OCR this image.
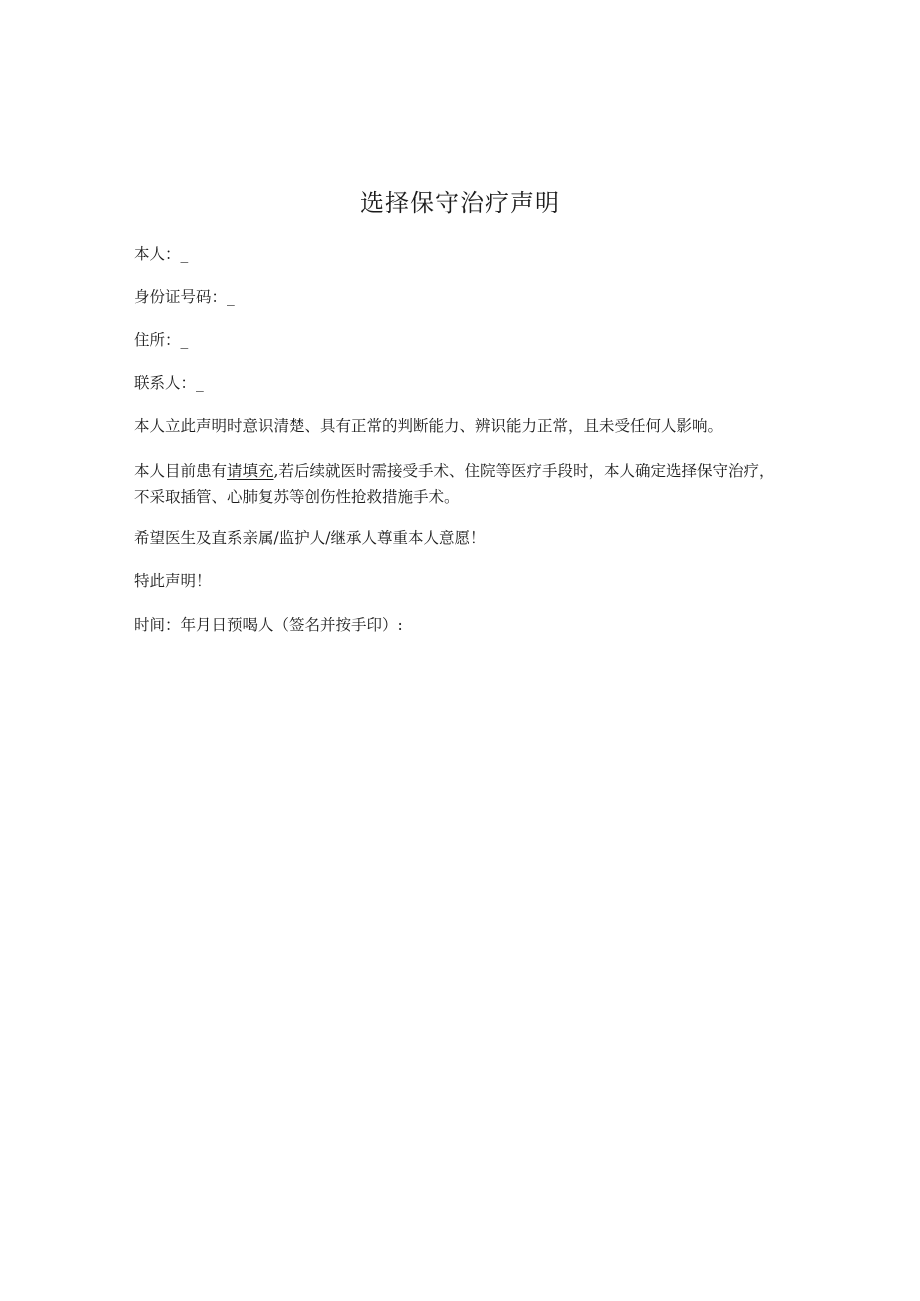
选择保守治疗声明

本人：_

身份证号码：_

住所：_

联系人：_

本人立此声明时意识清楚、具有正常的判断能力、辨识能力正常，且未受任何人影响。

本人目前患有请填充,若后续就医时需接受手术、住院等医疗手段时，本人确定选择保守治疗，不采取插管、心肺复苏等创伤性抢救措施手术。

希望医生及直系亲属/监护人/继承人尊重本人意愿！

特此声明！

时间：年月日预喝人（签名并按手印）:
